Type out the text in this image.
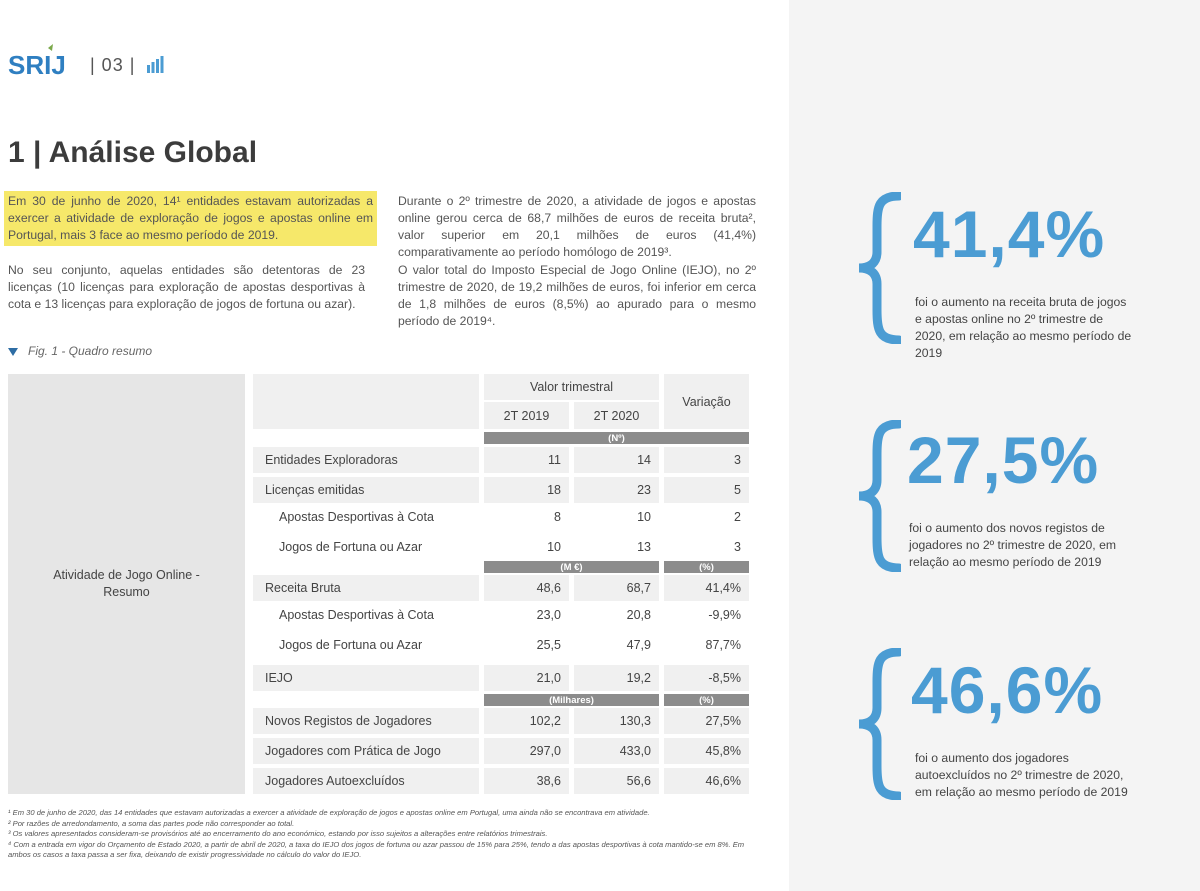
SRIJ | 03 |
1 | Análise Global
Em 30 de junho de 2020, 14¹ entidades estavam autorizadas a exercer a atividade de exploração de jogos e apostas online em Portugal, mais 3 face ao mesmo período de 2019.

No seu conjunto, aquelas entidades são detentoras de 23 licenças (10 licenças para exploração de apostas desportivas à cota e 13 licenças para exploração de jogos de fortuna ou azar).

Durante o 2º trimestre de 2020, a atividade de jogos e apostas online gerou cerca de 68,7 milhões de euros de receita bruta², valor superior em 20,1 milhões de euros (41,4%) comparativamente ao período homólogo de 2019³.

O valor total do Imposto Especial de Jogo Online (IEJO), no 2º trimestre de 2020, de 19,2 milhões de euros, foi inferior em cerca de 1,8 milhões de euros (8,5%) ao apurado para o mesmo período de 2019⁴.

Fig. 1 - Quadro resumo
Atividade de Jogo Online - Resumo
Valor trimestral
2T 2019	2T 2020
Variação
(Nº)
Entidades Exploradoras	11	14	3
Licenças emitidas	18	23	5
Apostas Desportivas à Cota	8	10	2
Jogos de Fortuna ou Azar	10	13	3
(M €)	(%)
Receita Bruta	48,6	68,7	41,4%
Apostas Desportivas à Cota	23,0	20,8	-9,9%
Jogos de Fortuna ou Azar	25,5	47,9	87,7%
IEJO	21,0	19,2	-8,5%
(Milhares)	(%)
Novos Registos de Jogadores	102,2	130,3	27,5%
Jogadores com Prática de Jogo	297,0	433,0	45,8%
Jogadores Autoexcluídos	38,6	56,6	46,6%

¹ Em 30 de junho de 2020, das 14 entidades que estavam autorizadas a exercer a atividade de exploração de jogos e apostas online em Portugal, uma ainda não se encontrava em atividade.

² Por razões de arredondamento, a soma das partes pode não corresponder ao total.

³ Os valores apresentados consideram-se provisórios até ao encerramento do ano económico, estando por isso sujeitos a alterações entre relatórios trimestrais.

⁴ Com a entrada em vigor do Orçamento de Estado 2020, a partir de abril de 2020, a taxa do IEJO dos jogos de fortuna ou azar passou de 15% para 25%, tendo a das apostas desportivas à cota mantido-se em 8%. Em ambos os casos a taxa passa a ser fixa, deixando de existir progressividade no cálculo do valor do IEJO.

41,4%
foi o aumento na receita bruta de jogos e apostas online no 2º trimestre de 2020, em relação ao mesmo período de 2019
27,5%
foi o aumento dos novos registos de jogadores no 2º trimestre de 2020, em relação ao mesmo período de 2019
46,6%
foi o aumento dos jogadores autoexcluídos no 2º trimestre de 2020, em relação ao mesmo período de 2019
